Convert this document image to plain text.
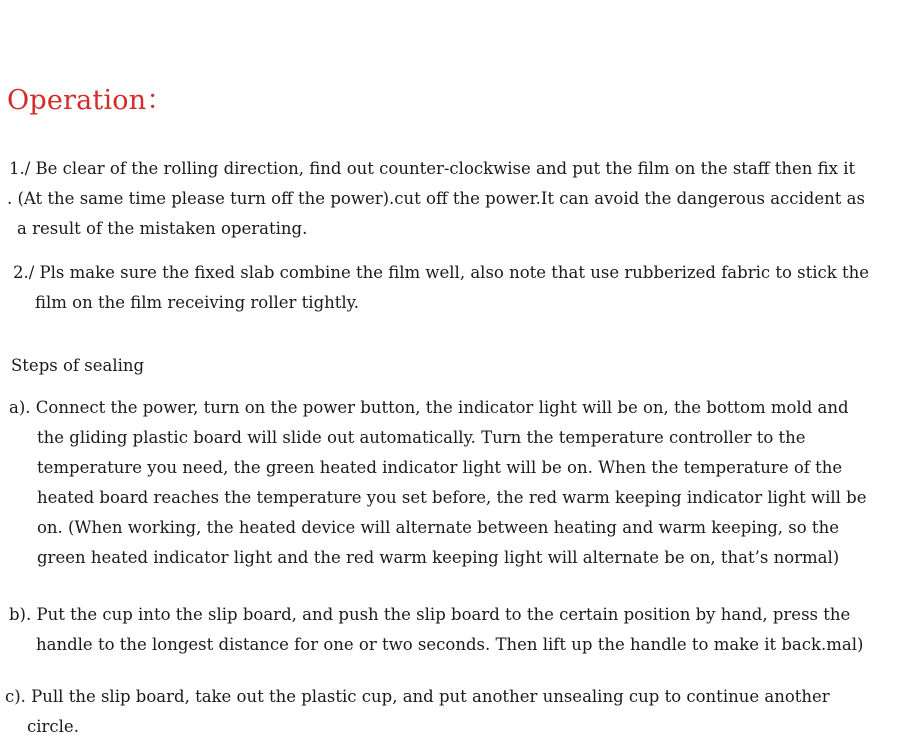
Operation：
1./ Be clear of the rolling direction, find out counter-clockwise and put the film on the staff then fix it
. (At the same time please turn off the power).cut off the power.It can avoid the dangerous accident as
a result of the mistaken operating.
2./ Pls make sure the fixed slab combine the film well, also note that use rubberized fabric to stick the
film on the film receiving roller tightly.
Steps of sealing
a). Connect the power, turn on the power button, the indicator light will be on, the bottom mold and
the gliding plastic board will slide out automatically. Turn the temperature controller to the
temperature you need, the green heated indicator light will be on. When the temperature of the
heated board reaches the temperature you set before, the red warm keeping indicator light will be
on. (When working, the heated device will alternate between heating and warm keeping, so the
green heated indicator light and the red warm keeping light will alternate be on, that’s normal)
b). Put the cup into the slip board, and push the slip board to the certain position by hand, press the
handle to the longest distance for one or two seconds. Then lift up the handle to make it back.mal)
c). Pull the slip board, take out the plastic cup, and put another unsealing cup to continue another
circle.
